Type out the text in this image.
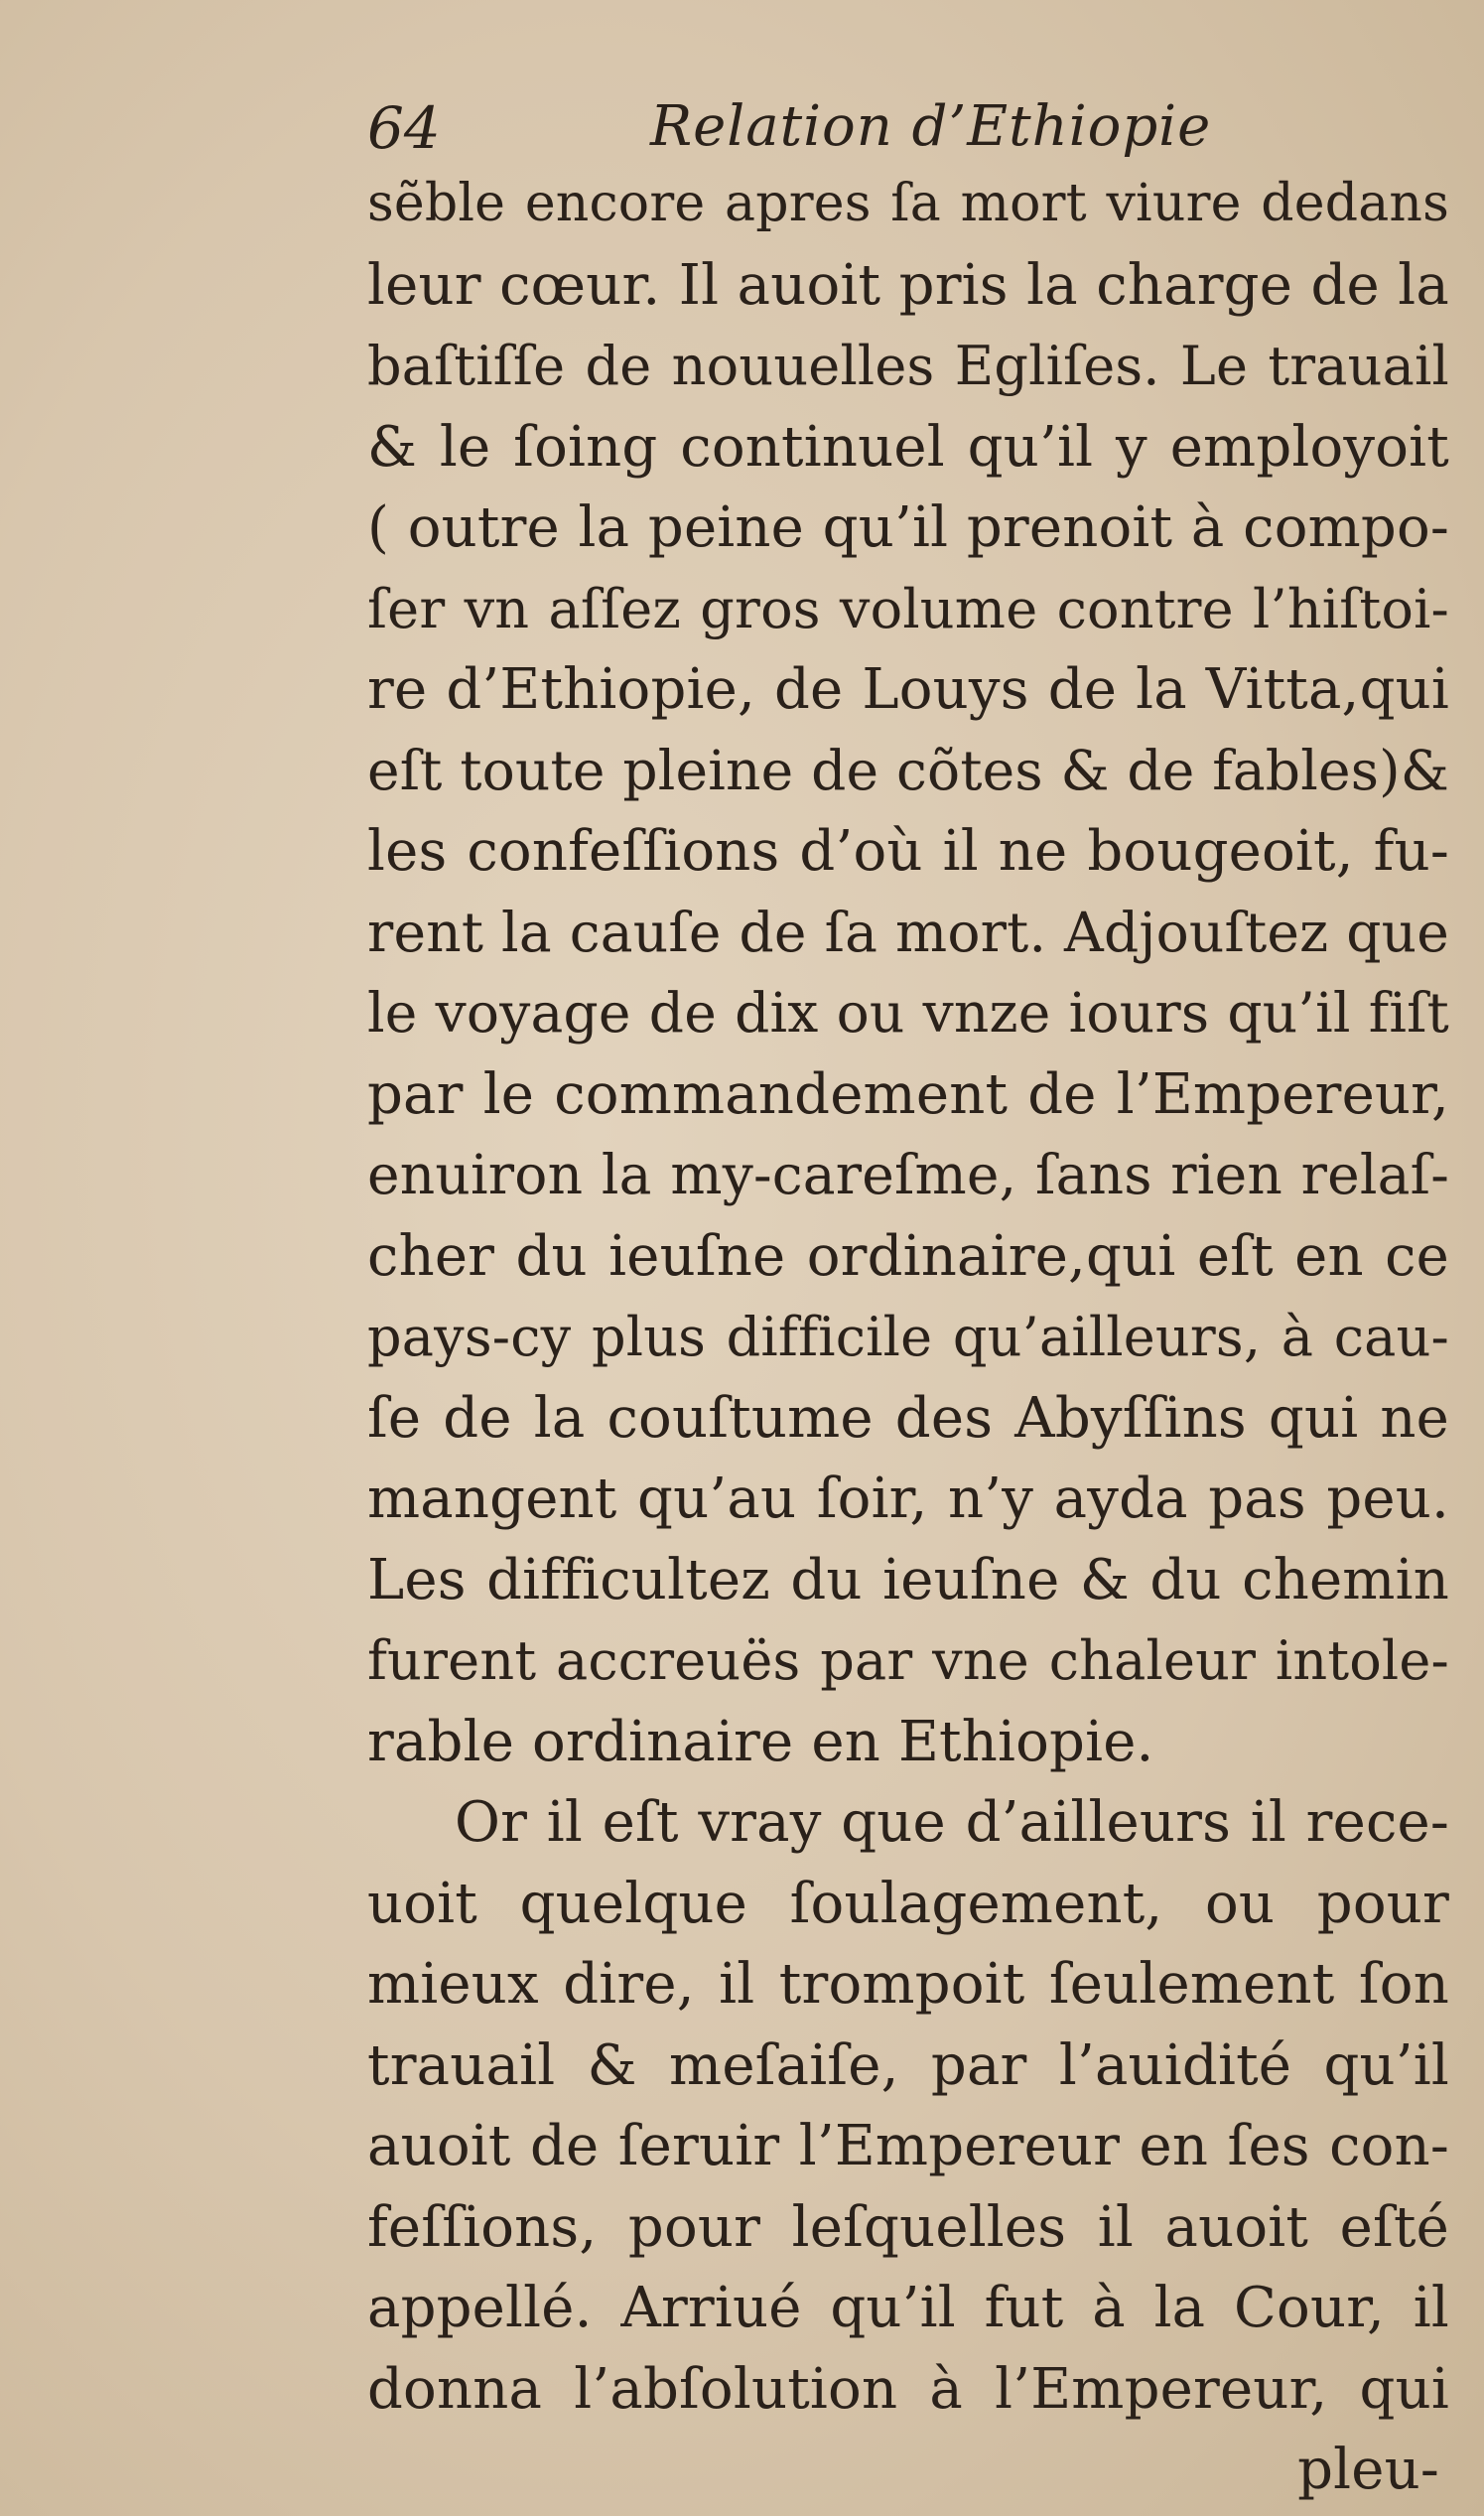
64	Relation d’Ethiopie
sẽble encore apres ſa mort viure dedans
leur cœur. Il auoit pris la charge de la
baſtiſſe de nouuelles Egliſes. Le trauail
& le ſoing continuel qu’il y employoit
( outre la peine qu’il prenoit à compo-
ſer vn aſſez gros volume contre l’hiſtoi-
re d’Ethiopie, de Louys de la Vitta,qui
eſt toute pleine de cõtes & de fables)&
les confeſſions d’où il ne bougeoit, fu-
rent la cauſe de ſa mort. Adjouſtez que
le voyage de dix ou vnze iours qu’il fiſt
par le commandement de l’Empereur,
enuiron la my-careſme, ſans rien relaſ-
cher du ieuſne ordinaire,qui eſt en ce
pays-cy plus difficile qu’ailleurs, à cau-
ſe de la couſtume des Abyſſins qui ne
mangent qu’au ſoir, n’y ayda pas peu.
Les difficultez du ieuſne & du chemin
furent accreuës par vne chaleur intole-
rable ordinaire en Ethiopie.
Or il eſt vray que d’ailleurs il rece-
uoit quelque ſoulagement, ou pour
mieux dire, il trompoit ſeulement ſon
trauail & meſaiſe, par l’auidité qu’il
auoit de ſeruir l’Empereur en ſes con-
feſſions, pour leſquelles il auoit eſté
appellé. Arriué qu’il fut à la Cour, il
donna l’abſolution à l’Empereur, qui
pleu-
